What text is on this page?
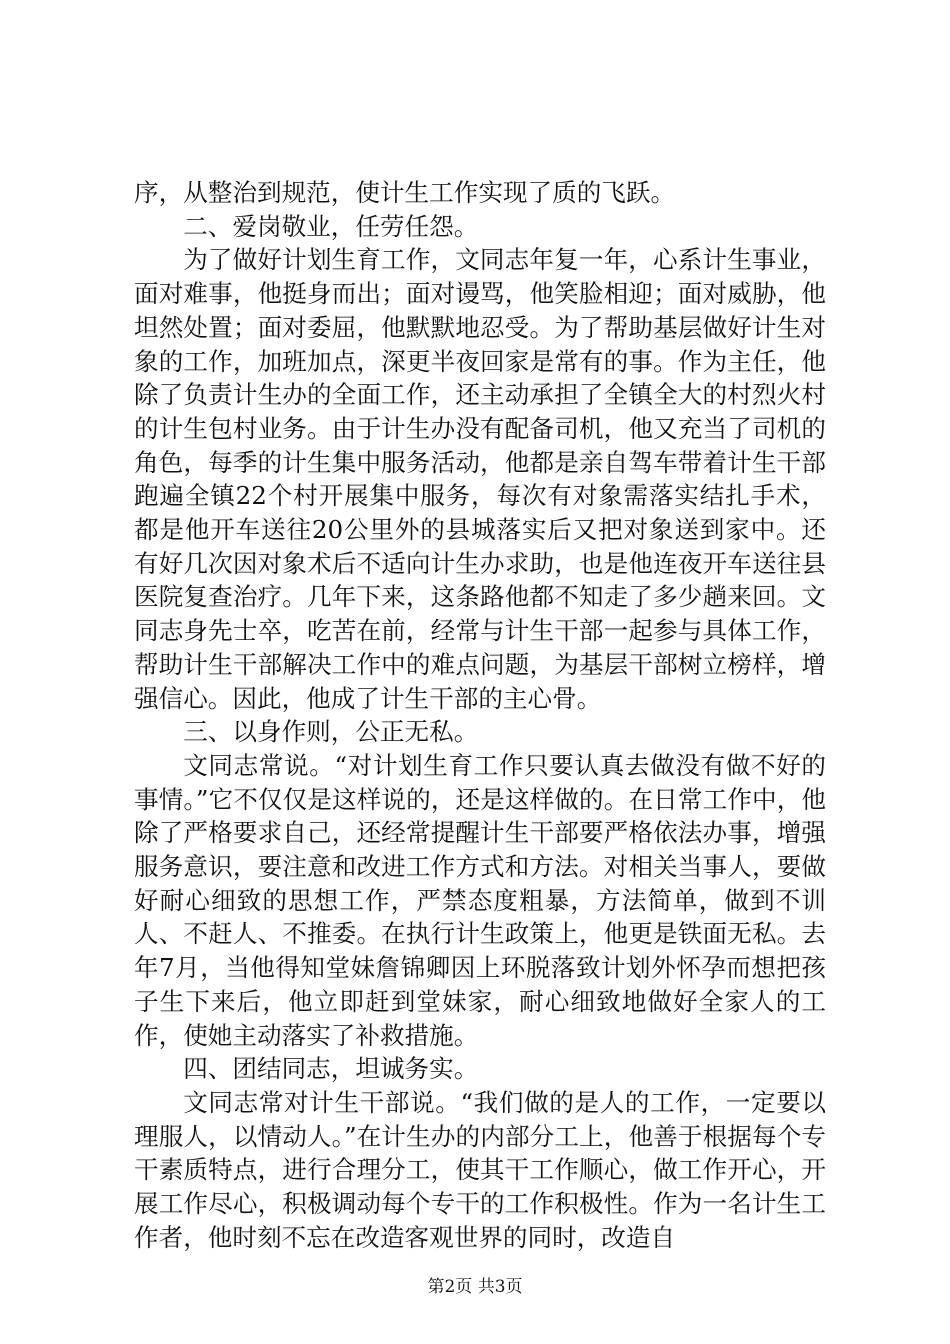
序，从整治到规范，使计生工作实现了质的飞跃。

二、爱岗敬业，任劳任怨。

为了做好计划生育工作，文同志年复一年，心系计生事业，面对难事，他挺身而出；面对谩骂，他笑脸相迎；面对威胁，他坦然处置；面对委屈，他默默地忍受。为了帮助基层做好计生对象的工作，加班加点，深更半夜回家是常有的事。作为主任，他除了负责计生办的全面工作，还主动承担了全镇全大的村烈火村的计生包村业务。由于计生办没有配备司机，他又充当了司机的角色，每季的计生集中服务活动，他都是亲自驾车带着计生干部跑遍全镇22个村开展集中服务，每次有对象需落实结扎手术，都是他开车送往20公里外的县城落实后又把对象送到家中。还有好几次因对象术后不适向计生办求助，也是他连夜开车送往县医院复查治疗。几年下来，这条路他都不知走了多少趟来回。文同志身先士卒，吃苦在前，经常与计生干部一起参与具体工作，帮助计生干部解决工作中的难点问题，为基层干部树立榜样，增强信心。因此，他成了计生干部的主心骨。

三、以身作则，公正无私。

文同志常说。“对计划生育工作只要认真去做没有做不好的事情。”它不仅仅是这样说的，还是这样做的。在日常工作中，他除了严格要求自己，还经常提醒计生干部要严格依法办事，增强服务意识，要注意和改进工作方式和方法。对相关当事人，要做好耐心细致的思想工作，严禁态度粗暴，方法简单，做到不训人、不赶人、不推委。在执行计生政策上，他更是铁面无私。去年7月，当他得知堂妹詹锦卿因上环脱落致计划外怀孕而想把孩子生下来后，他立即赶到堂妹家，耐心细致地做好全家人的工作，使她主动落实了补救措施。

四、团结同志，坦诚务实。

文同志常对计生干部说。“我们做的是人的工作，一定要以理服人，以情动人。”在计生办的内部分工上，他善于根据每个专干素质特点，进行合理分工，使其干工作顺心，做工作开心，开展工作尽心，积极调动每个专干的工作积极性。作为一名计生工作者，他时刻不忘在改造客观世界的同时，改造自

第2页 共3页
